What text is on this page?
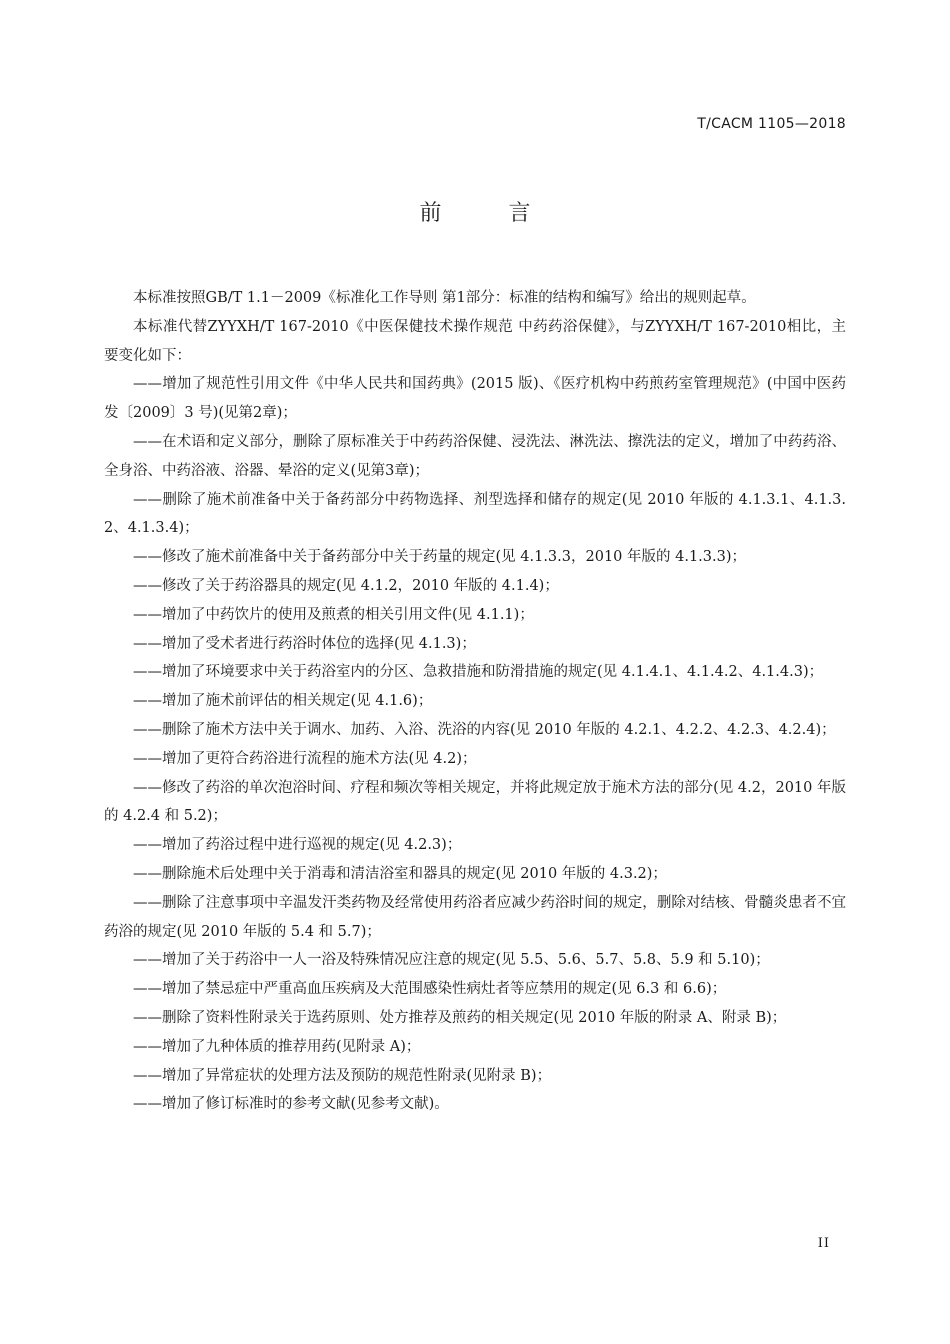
T/CACM 1105—2018
前 言

本标准按照GB/T 1.1－2009《标准化工作导则 第1部分：标准的结构和编写》给出的规则起草。

本标准代替ZYYXH/T 167-2010《中医保健技术操作规范 中药药浴保健》，与ZYYXH/T 167-2010相比，主要变化如下：

——增加了规范性引用文件《中华人民共和国药典》(2015 版)、《医疗机构中药煎药室管理规范》(中国中医药发〔2009〕3 号)(见第2章)；

——在术语和定义部分，删除了原标准关于中药药浴保健、浸洗法、淋洗法、擦洗法的定义，增加了中药药浴、全身浴、中药浴液、浴器、晕浴的定义(见第3章)；

——删除了施术前准备中关于备药部分中药物选择、剂型选择和储存的规定(见 2010 年版的 4.1.3.1、4.1.3.2、4.1.3.4)；

——修改了施术前准备中关于备药部分中关于药量的规定(见 4.1.3.3，2010 年版的 4.1.3.3)；

——修改了关于药浴器具的规定(见 4.1.2，2010 年版的 4.1.4)；

——增加了中药饮片的使用及煎煮的相关引用文件(见 4.1.1)；

——增加了受术者进行药浴时体位的选择(见 4.1.3)；

——增加了环境要求中关于药浴室内的分区、急救措施和防滑措施的规定(见 4.1.4.1、4.1.4.2、4.1.4.3)；

——增加了施术前评估的相关规定(见 4.1.6)；

——删除了施术方法中关于调水、加药、入浴、洗浴的内容(见 2010 年版的 4.2.1、4.2.2、4.2.3、4.2.4)；

——增加了更符合药浴进行流程的施术方法(见 4.2)；

——修改了药浴的单次泡浴时间、疗程和频次等相关规定，并将此规定放于施术方法的部分(见 4.2，2010 年版的 4.2.4 和 5.2)；

——增加了药浴过程中进行巡视的规定(见 4.2.3)；

——删除施术后处理中关于消毒和清洁浴室和器具的规定(见 2010 年版的 4.3.2)；

——删除了注意事项中辛温发汗类药物及经常使用药浴者应减少药浴时间的规定，删除对结核、骨髓炎患者不宜药浴的规定(见 2010 年版的 5.4 和 5.7)；

——增加了关于药浴中一人一浴及特殊情况应注意的规定(见 5.5、5.6、5.7、5.8、5.9 和 5.10)；

——增加了禁忌症中严重高血压疾病及大范围感染性病灶者等应禁用的规定(见 6.3 和 6.6)；

——删除了资料性附录关于选药原则、处方推荐及煎药的相关规定(见 2010 年版的附录 A、附录 B)；

——增加了九种体质的推荐用药(见附录 A)；

——增加了异常症状的处理方法及预防的规范性附录(见附录 B)；

——增加了修订标准时的参考文献(见参考文献)。

II
